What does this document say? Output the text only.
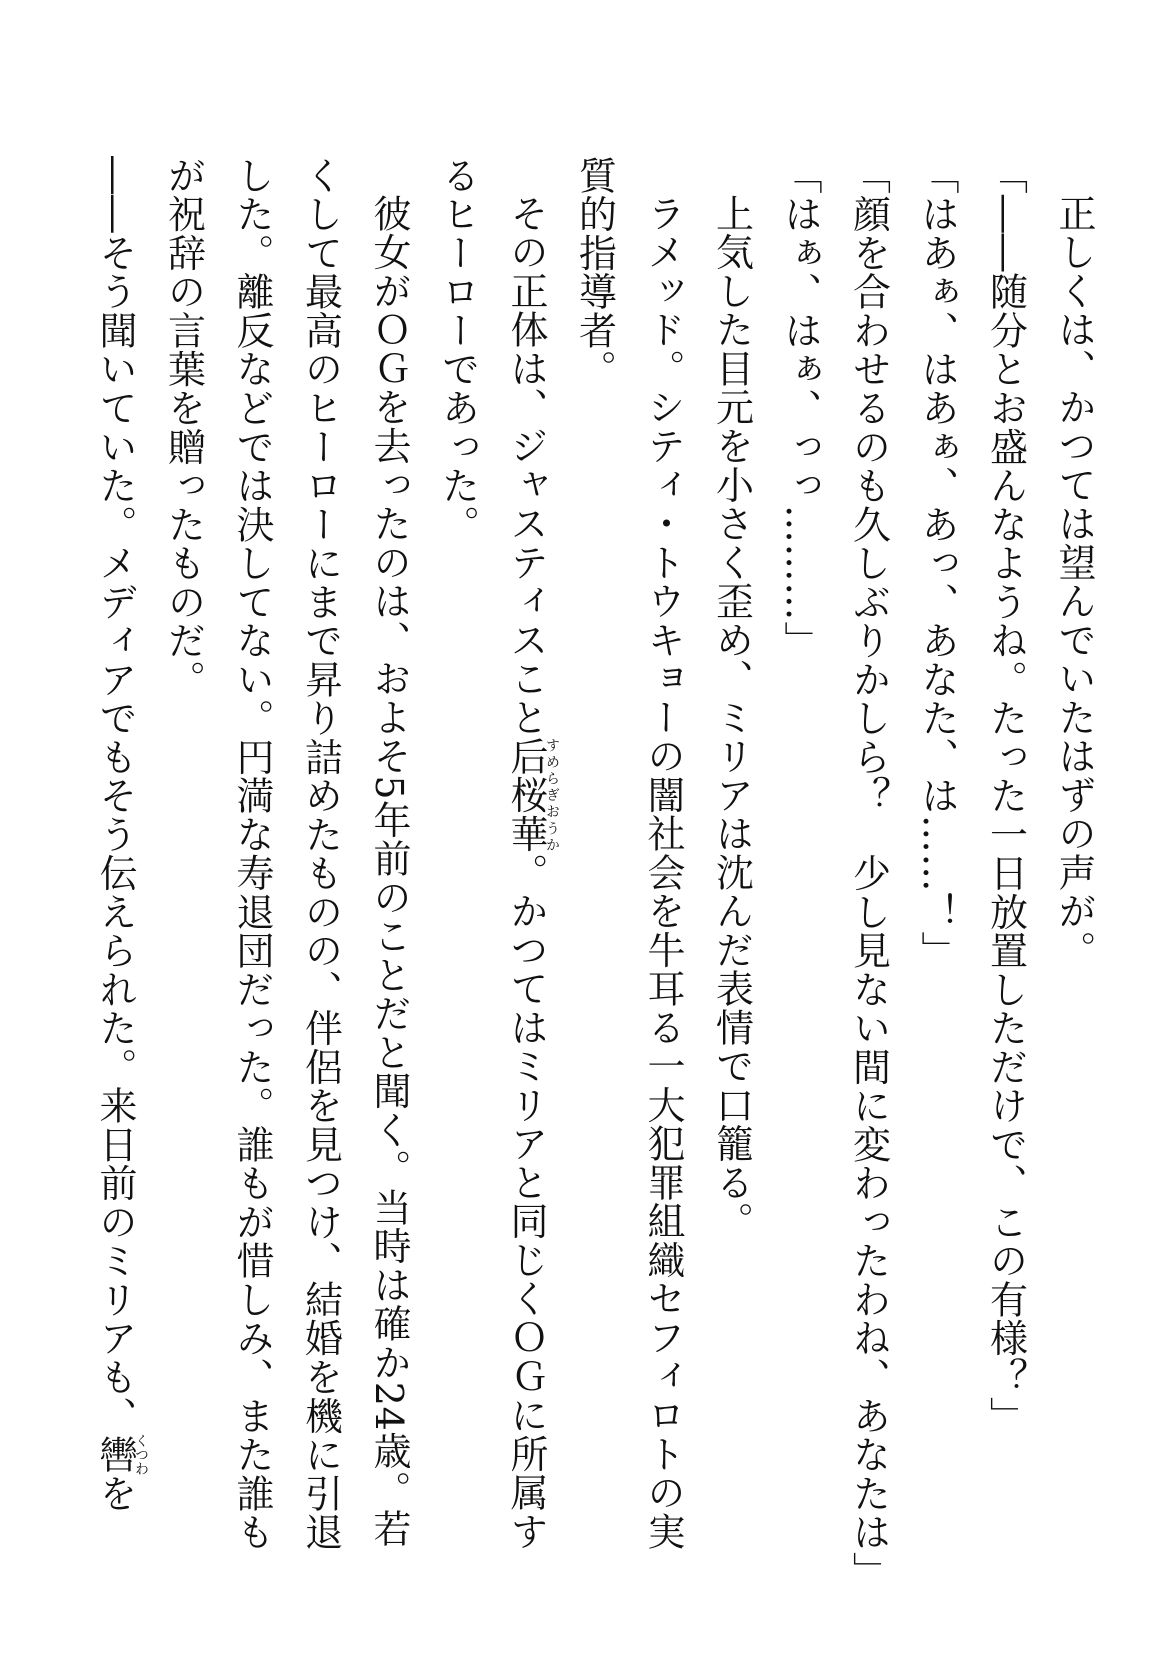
正しくは、かつては望んでいたはずの声が。

「――随分とお盛んなようね。たった一日放置しただけで、この有様？」

「はあぁ、はあぁ、あっ、あなた、は……！」

「顔を合わせるのも久しぶりかしら？　少し見ない間に変わったわね、あなたは」

「はぁ、はぁ、っっ………」

上気した目元を小さく歪め、ミリアは沈んだ表情で口籠る。

ラメッド。シティ・トウキョーの闇社会を牛耳る一大犯罪組織セフィロトの実質的指導者。

その正体は、ジャスティスこと后桜華すめらぎおうか。かつてはミリアと同じくＯＧに所属するヒーローであった。

彼女がＯＧを去ったのは、およそ5年前のことだと聞く。当時は確か24歳。若くして最高のヒーローにまで昇り詰めたものの、伴侶を見つけ、結婚を機に引退した。離反などでは決してない。円満な寿退団だった。誰もが惜しみ、また誰もが祝辞の言葉を贈ったものだ。

――そう聞いていた。メディアでもそう伝えられた。来日前のミリアも、轡くつわを
